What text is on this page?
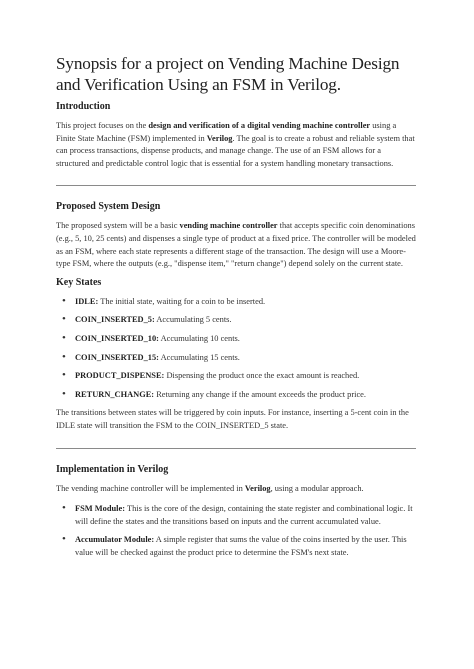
Synopsis for a project on Vending Machine Design and Verification Using an FSM in Verilog.
Introduction

This project focuses on the design and verification of a digital vending machine controller using a Finite State Machine (FSM) implemented in Verilog. The goal is to create a robust and reliable system that can process transactions, dispense products, and manage change. The use of an FSM allows for a structured and predictable control logic that is essential for a system handling monetary transactions.

Proposed System Design

The proposed system will be a basic vending machine controller that accepts specific coin denominations (e.g., 5, 10, 25 cents) and dispenses a single type of product at a fixed price. The controller will be modeled as an FSM, where each state represents a different stage of the transaction. The design will use a Moore-type FSM, where the outputs (e.g., "dispense item," "return change") depend solely on the current state.

Key States
• IDLE: The initial state, waiting for a coin to be inserted.
• COIN_INSERTED_5: Accumulating 5 cents.
• COIN_INSERTED_10: Accumulating 10 cents.
• COIN_INSERTED_15: Accumulating 15 cents.
• PRODUCT_DISPENSE: Dispensing the product once the exact amount is reached.
• RETURN_CHANGE: Returning any change if the amount exceeds the product price.

The transitions between states will be triggered by coin inputs. For instance, inserting a 5-cent coin in the IDLE state will transition the FSM to the COIN_INSERTED_5 state.

Implementation in Verilog

The vending machine controller will be implemented in Verilog, using a modular approach.

• FSM Module: This is the core of the design, containing the state register and combinational logic. It will define the states and the transitions based on inputs and the current accumulated value.
• Accumulator Module: A simple register that sums the value of the coins inserted by the user. This value will be checked against the product price to determine the FSM's next state.
